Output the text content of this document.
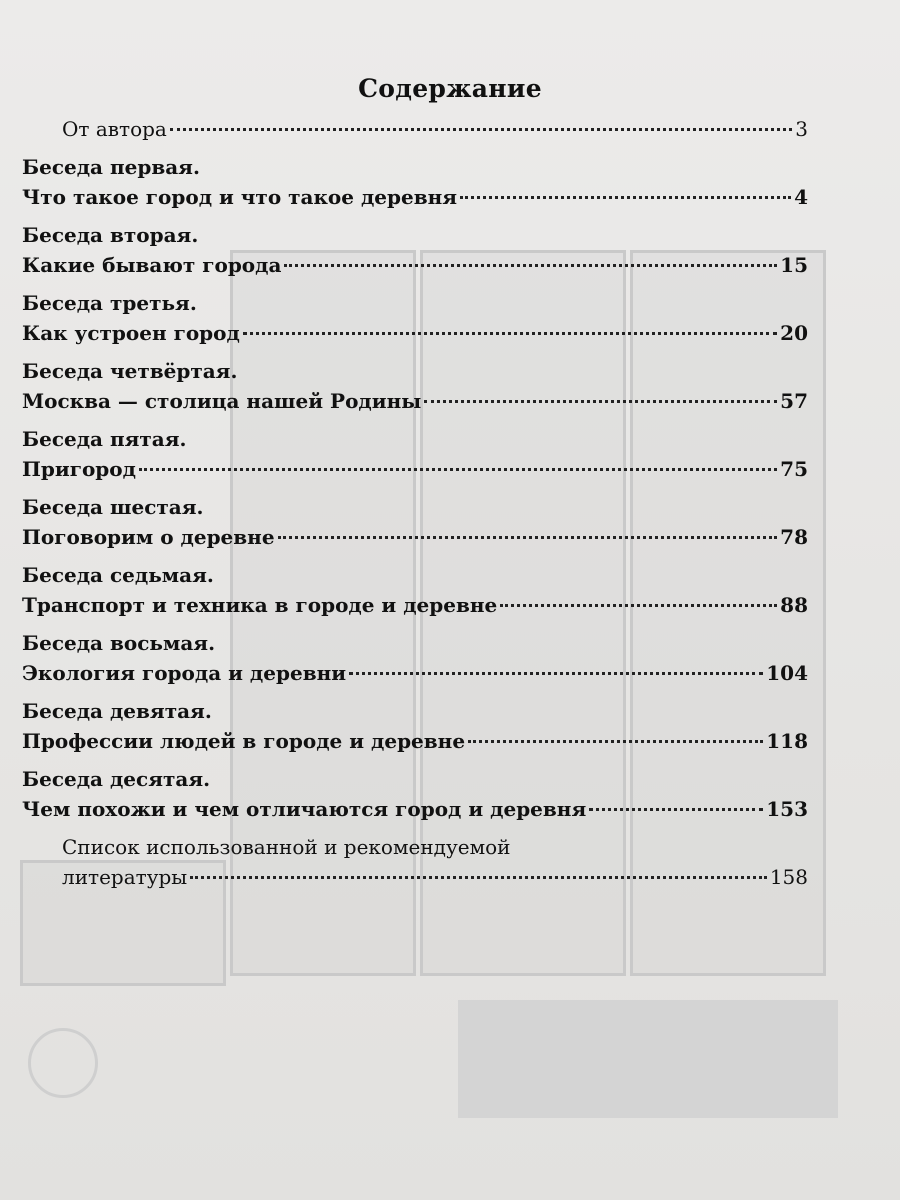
Содержание
От автора	3
Беседа первая.
Что такое город и что такое деревня	4
Беседа вторая.
Какие бывают города	15
Беседа третья.
Как устроен город	20
Беседа четвёртая.
Москва — столица нашей Родины	57
Беседа пятая.
Пригород	75
Беседа шестая.
Поговорим о деревне	78
Беседа седьмая.
Транспорт и техника в городе и деревне	88
Беседа восьмая.
Экология города и деревни	104
Беседа девятая.
Профессии людей в городе и деревне	118
Беседа десятая.
Чем похожи и чем отличаются город и деревня	153
Список использованной и рекомендуемой
литературы	158
